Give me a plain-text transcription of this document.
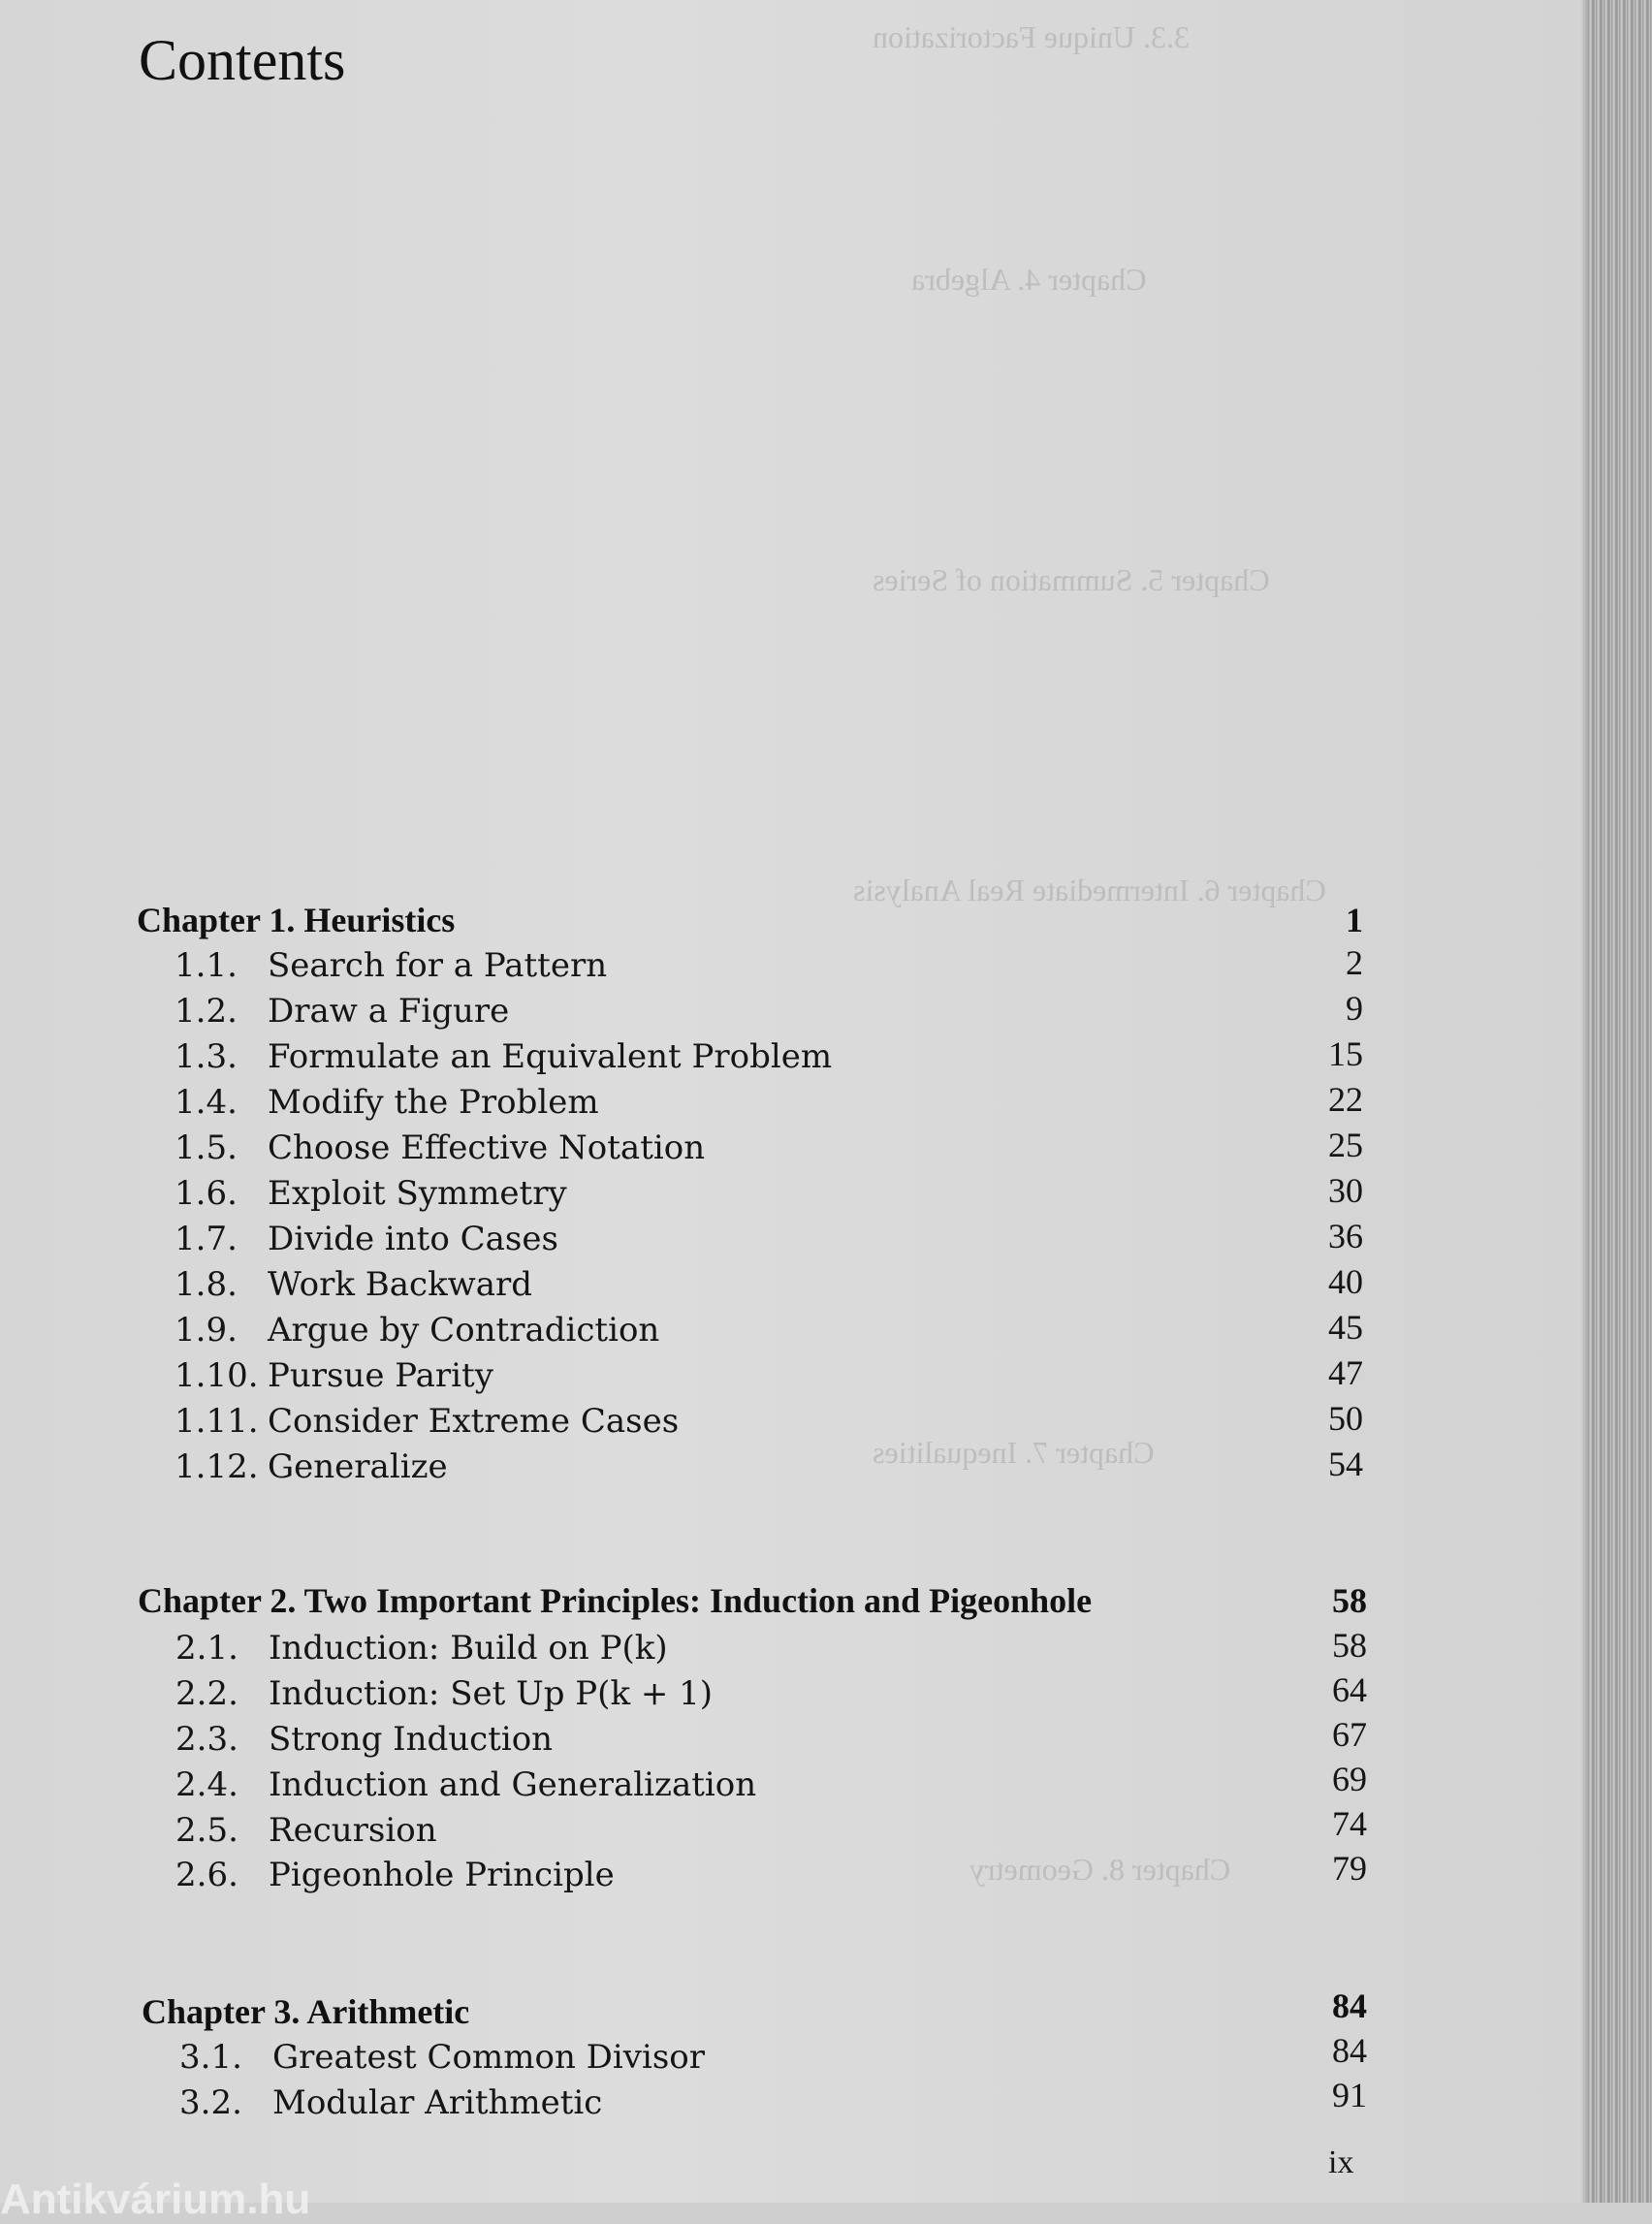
3.3. Unique Factorization
Chapter 4. Algebra
Chapter 5. Summation of Series
Chapter 6. Intermediate Real Analysis
Chapter 7. Inequalities
Chapter 8. Geometry
Contents
Chapter 1. Heuristics	1
1.1. Search for a Pattern	2
1.2. Draw a Figure	9
1.3. Formulate an Equivalent Problem	15
1.4. Modify the Problem	22
1.5. Choose Effective Notation	25
1.6. Exploit Symmetry	30
1.7. Divide into Cases	36
1.8. Work Backward	40
1.9. Argue by Contradiction	45
1.10. Pursue Parity	47
1.11. Consider Extreme Cases	50
1.12. Generalize	54
Chapter 2. Two Important Principles: Induction and Pigeonhole	58
2.1. Induction: Build on P(k)	58
2.2. Induction: Set Up P(k + 1)	64
2.3. Strong Induction	67
2.4. Induction and Generalization	69
2.5. Recursion	74
2.6. Pigeonhole Principle	79
Chapter 3. Arithmetic	84
3.1. Greatest Common Divisor	84
3.2. Modular Arithmetic	91
ix
Antikvárium.hu
